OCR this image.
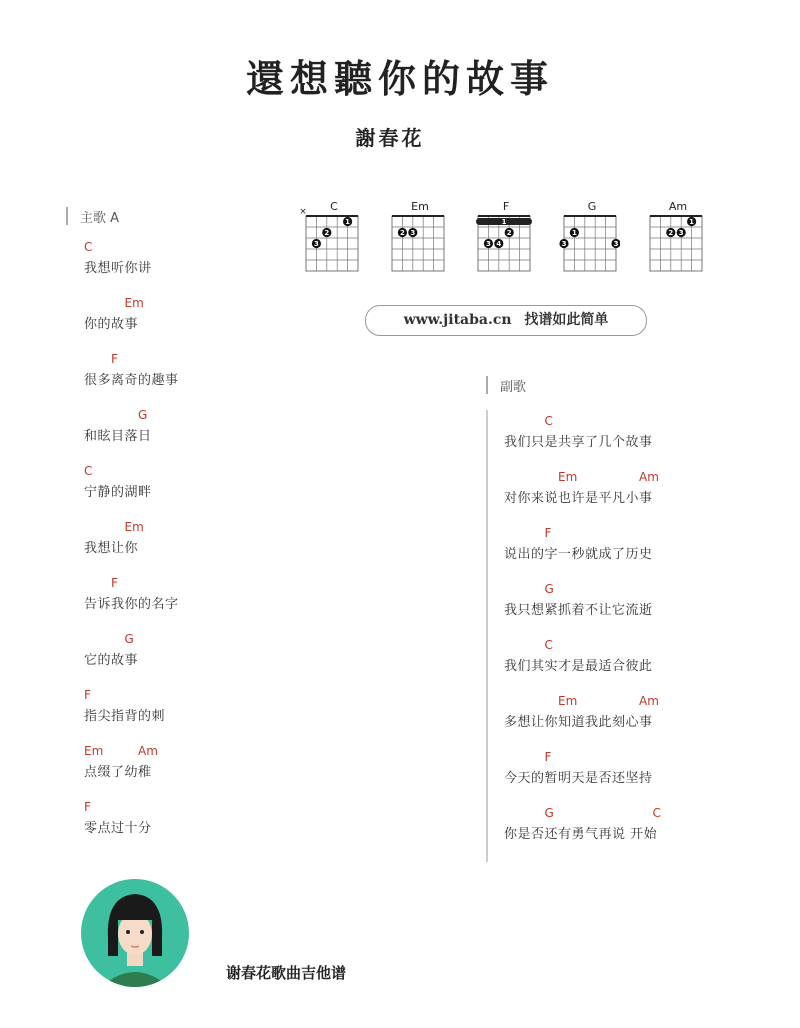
還想聽你的故事
謝春花
C
×
1
2
3
Em
2 3
F
1
2
3 4
G
1
3	3
Am
1
2 3
www.jitaba.cn 找谱如此简单
主歌 A
C
我想听你讲
Em
你的故事
F
很多离奇的趣事
G
和眩目落日
C
宁静的湖畔
Em
我想让你
F
告诉我你的名字
G
它的故事
F
指尖指背的刺
Em	Am
点缀了幼稚
F
零点过十分
副歌
C
我们只是共享了几个故事
Em	Am
对你来说也许是平凡小事
F
说出的字一秒就成了历史
G
我只想紧抓着不让它流逝
C
我们其实才是最适合彼此
Em	Am
多想让你知道我此刻心事
F
今天的暂明天是否还坚持
G	C
你是否还有勇气再说 开始
谢春花歌曲吉他谱
